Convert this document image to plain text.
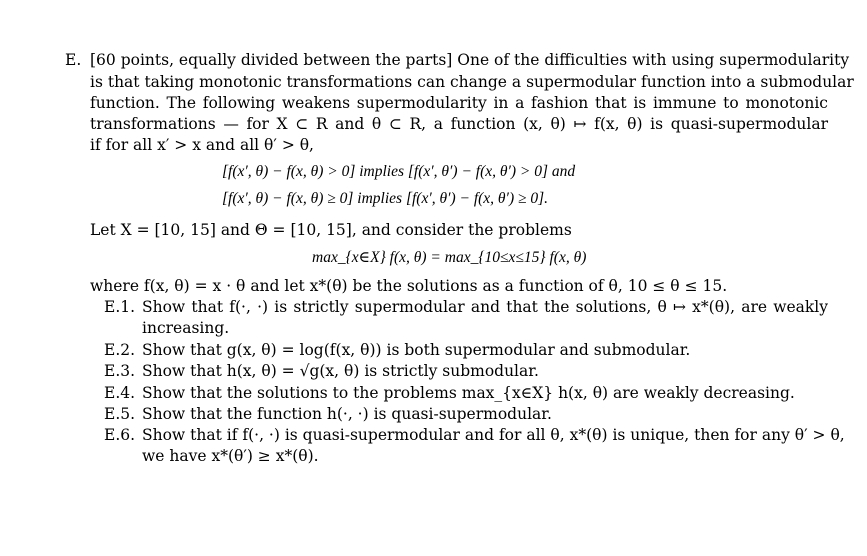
E. [60 points, equally divided between the parts] One of the difficulties with using supermodularity
is that taking monotonic transformations can change a supermodular function into a submodular
function. The following weakens supermodularity in a fashion that is immune to monotonic
transformations — for X ⊂ R and θ ⊂ R, a function (x, θ) ↦ f(x, θ) is quasi-supermodular
if for all x′ > x and all θ′ > θ,
[f(x′, θ) − f(x, θ) > 0] implies [f(x′, θ′) − f(x, θ′) > 0] and
[f(x′, θ) − f(x, θ) ≥ 0] implies [f(x′, θ′) − f(x, θ′) ≥ 0].
Let X = [10, 15] and Θ = [10, 15], and consider the problems
max_{x∈X} f(x, θ) = max_{10≤x≤15} f(x, θ)
where f(x, θ) = x · θ and let x*(θ) be the solutions as a function of θ, 10 ≤ θ ≤ 15.
E.1. Show that f(·, ·) is strictly supermodular and that the solutions, θ ↦ x*(θ), are weakly
increasing.
E.2. Show that g(x, θ) = log(f(x, θ)) is both supermodular and submodular.
E.3. Show that h(x, θ) = √g(x, θ) is strictly submodular.
E.4. Show that the solutions to the problems max_{x∈X} h(x, θ) are weakly decreasing.
E.5. Show that the function h(·, ·) is quasi-supermodular.
E.6. Show that if f(·, ·) is quasi-supermodular and for all θ, x*(θ) is unique, then for any θ′ > θ,
we have x*(θ′) ≥ x*(θ).
